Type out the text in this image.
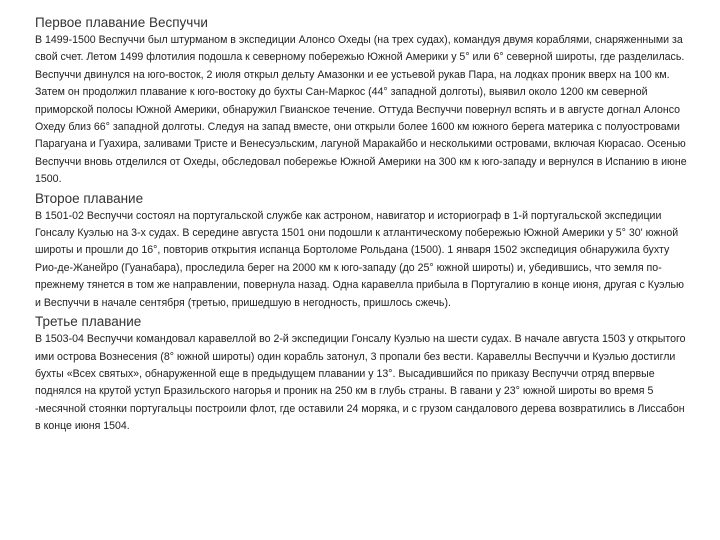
Первое плавание Веспуччи

В 1499-1500 Веспуччи был штурманом в экспедиции Алонсо Охеды (на трех судах), командуя двумя кораблями, снаряженными за свой счет. Летом 1499 флотилия подошла к северному побережью Южной Америки у 5° или 6° северной широты, где разделилась. Веспуччи двинулся на юго-восток, 2 июля открыл дельту Амазонки и ее устьевой рукав Пара, на лодках проник вверх на 100 км. Затем он продолжил плавание к юго-востоку до бухты Сан-Маркос (44° западной долготы), выявил около 1200 км северной приморской полосы Южной Америки, обнаружил Гвианское течение. Оттуда Веспуччи повернул вспять и в августе догнал Алонсо Охеду близ 66° западной долготы. Следуя на запад вместе, они открыли более 1600 км южного берега материка с полуостровами Парагуана и Гуахира, заливами Тристе и Венесуэльским, лагуной Маракайбо и несколькими островами, включая Кюрасао. Осенью Веспуччи вновь отделился от Охеды, обследовал побережье Южной Америки на 300 км к юго-западу и вернулся в Испанию в июне 1500.

Второе плавание

В 1501-02 Веспуччи состоял на португальской службе как астроном, навигатор и историограф в 1-й португальской экспедиции Гонсалу Куэлью на 3-х судах. В середине августа 1501 они подошли к атлантическому побережью Южной Америки у 5° 30' южной широты и прошли до 16°, повторив открытия испанца Бортоломе Рольдана (1500). 1 января 1502 экспедиция обнаружила бухту Рио-де-Жанейро (Гуанабара), проследила берег на 2000 км к юго-западу (до 25° южной широты) и, убедившись, что земля по-прежнему тянется в том же направлении, повернула назад. Одна каравелла прибыла в Португалию в конце июня, другая с Куэлью и Веспуччи в начале сентября (третью, пришедшую в негодность, пришлось сжечь).

Третье плавание

В 1503-04 Веспуччи командовал каравеллой во 2-й экспедиции Гонсалу Куэлью на шести судах. В начале августа 1503 у открытого ими острова Вознесения (8° южной широты) один корабль затонул, 3 пропали без вести. Каравеллы Веспуччи и Куэлью достигли бухты «Всех святых», обнаруженной еще в предыдущем плавании у 13°. Высадившийся по приказу Веспуччи отряд впервые поднялся на крутой уступ Бразильского нагорья и проник на 250 км в глубь страны. В гавани у 23° южной широты во время 5 -месячной стоянки португальцы построили флот, где оставили 24 моряка, и с грузом сандалового дерева возвратились в Лиссабон в конце июня 1504.
